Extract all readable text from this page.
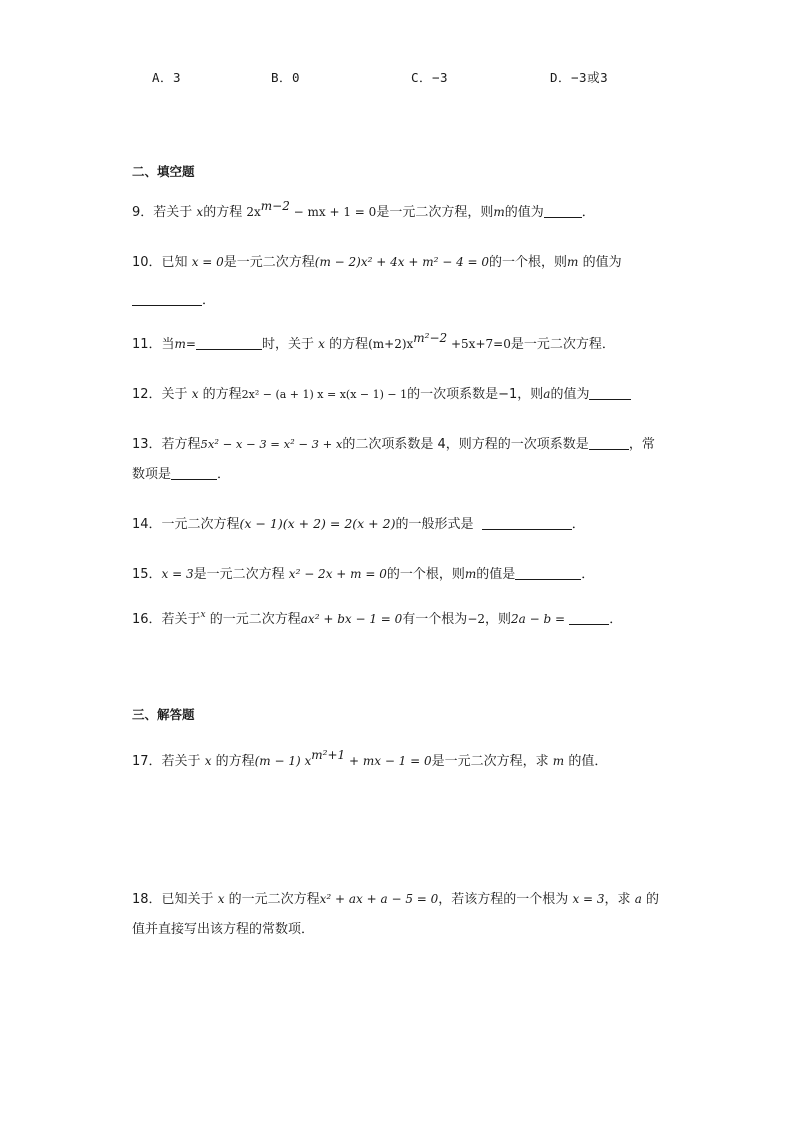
A．3	B．0	C．−3	D．−3或3
二、填空题
9．若关于 x的方程 $2x^{m-2}$ − mx + 1 = 0是一元二次方程，则m的值为	．
10．已知 x = 0是一元二次方程(m − 2)x² + 4x + m² − 4 = 0的一个根，则m 的值为
．
11．当m=	时，关于 x 的方程$(m+2)x^{m^2-2} +5x+7=0$是一元二次方程．
12．关于 x 的方程2x² − (a + 1) x = x(x − 1) − 1的一次项系数是−1，则a的值为
13．若方程5x² − x − 3 = x² − 3 + x的二次项系数是 4，则方程的一次项系数是	，常
数项是	．
14．一元二次方程(x − 1)(x + 2) = 2(x + 2)的一般形式是	．
15．x = 3是一元二次方程 x² − 2x + m = 0的一个根，则m的值是	．
16．若关于$^x$ 的一元二次方程ax² + bx − 1 = 0有一个根为−2，则2a − b =	．
三、解答题
17．若关于 x 的方程(m − 1) $x^{m^2+1}$ + mx − 1 = 0是一元二次方程，求 m 的值．
18．已知关于 x 的一元二次方程x² + ax + a − 5 = 0，若该方程的一个根为 x = 3，求 a 的
值并直接写出该方程的常数项．
